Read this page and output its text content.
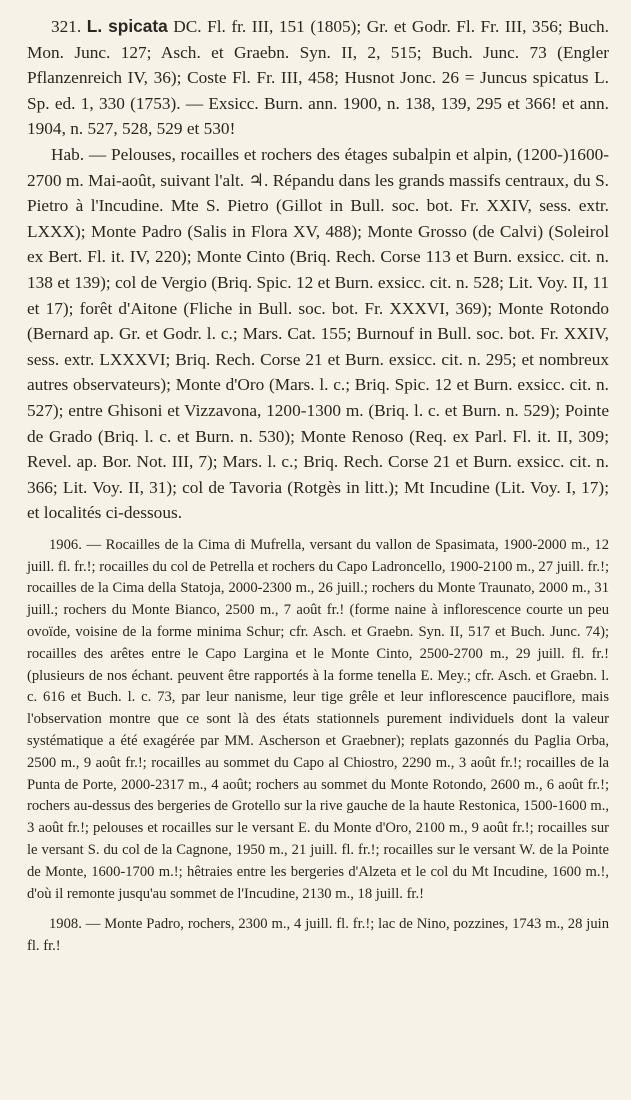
321. L. spicata DC. Fl. fr. III, 151 (1805); Gr. et Godr. Fl. Fr. III, 356; Buch. Mon. Junc. 127; Asch. et Graebn. Syn. II, 2, 515; Buch. Junc. 73 (Engler Pflanzenreich IV, 36); Coste Fl. Fr. III, 458; Husnot Jonc. 26 = Juncus spicatus L. Sp. ed. 1, 330 (1753). — Exsicc. Burn. ann. 1900, n. 138, 139, 295 et 366! et ann. 1904, n. 527, 528, 529 et 530!

Hab. — Pelouses, rocailles et rochers des étages subalpin et alpin, (1200-)1600-2700 m. Mai-août, suivant l'alt. ♃. Répandu dans les grands massifs centraux, du S. Pietro à l'Incudine. Mte S. Pietro (Gillot in Bull. soc. bot. Fr. XXIV, sess. extr. LXXX); Monte Padro (Salis in Flora XV, 488); Monte Grosso (de Calvi) (Soleirol ex Bert. Fl. it. IV, 220); Monte Cinto (Briq. Rech. Corse 113 et Burn. exsicc. cit. n. 138 et 139); col de Vergio (Briq. Spic. 12 et Burn. exsicc. cit. n. 528; Lit. Voy. II, 11 et 17); forêt d'Aitone (Fliche in Bull. soc. bot. Fr. XXXVI, 369); Monte Rotondo (Bernard ap. Gr. et Godr. l. c.; Mars. Cat. 155; Burnouf in Bull. soc. bot. Fr. XXIV, sess. extr. LXXXVI; Briq. Rech. Corse 21 et Burn. exsicc. cit. n. 295; et nombreux autres observateurs); Monte d'Oro (Mars. l. c.; Briq. Spic. 12 et Burn. exsicc. cit. n. 527); entre Ghisoni et Vizzavona, 1200-1300 m. (Briq. l. c. et Burn. n. 529); Pointe de Grado (Briq. l. c. et Burn. n. 530); Monte Renoso (Req. ex Parl. Fl. it. II, 309; Revel. ap. Bor. Not. III, 7); Mars. l. c.; Briq. Rech. Corse 21 et Burn. exsicc. cit. n. 366; Lit. Voy. II, 31); col de Tavoria (Rotgès in litt.); Mt Incudine (Lit. Voy. I, 17); et localités ci-dessous.

1906. — Rocailles de la Cima di Mufrella, versant du vallon de Spasimata, 1900-2000 m., 12 juill. fl. fr.!; rocailles du col de Petrella et rochers du Capo Ladroncello, 1900-2100 m., 27 juill. fr.!; rocailles de la Cima della Statoja, 2000-2300 m., 26 juill.; rochers du Monte Traunato, 2000 m., 31 juill.; rochers du Monte Bianco, 2500 m., 7 août fr.! (forme naine à inflorescence courte un peu ovoïde, voisine de la forme minima Schur; cfr. Asch. et Graebn. Syn. II, 517 et Buch. Junc. 74); rocailles des arêtes entre le Capo Largina et le Monte Cinto, 2500-2700 m., 29 juill. fl. fr.! (plusieurs de nos échant. peuvent être rapportés à la forme tenella E. Mey.; cfr. Asch. et Graebn. l. c. 616 et Buch. l. c. 73, par leur nanisme, leur tige grêle et leur inflorescence pauciflore, mais l'observation montre que ce sont là des états stationnels purement individuels dont la valeur systématique a été exagérée par MM. Ascherson et Graebner); replats gazonnés du Paglia Orba, 2500 m., 9 août fr.!; rocailles au sommet du Capo al Chiostro, 2290 m., 3 août fr.!; rocailles de la Punta de Porte, 2000-2317 m., 4 août; rochers au sommet du Monte Rotondo, 2600 m., 6 août fr.!; rochers au-dessus des bergeries de Grotello sur la rive gauche de la haute Restonica, 1500-1600 m., 3 août fr.!; pelouses et rocailles sur le versant E. du Monte d'Oro, 2100 m., 9 août fr.!; rocailles sur le versant S. du col de la Cagnone, 1950 m., 21 juill. fl. fr.!; rocailles sur le versant W. de la Pointe de Monte, 1600-1700 m.!; hêtraies entre les bergeries d'Alzeta et le col du Mt Incudine, 1600 m.!, d'où il remonte jusqu'au sommet de l'Incudine, 2130 m., 18 juill. fr.!

1908. — Monte Padro, rochers, 2300 m., 4 juill. fl. fr.!; lac de Nino, pozzines, 1743 m., 28 juin fl. fr.!
